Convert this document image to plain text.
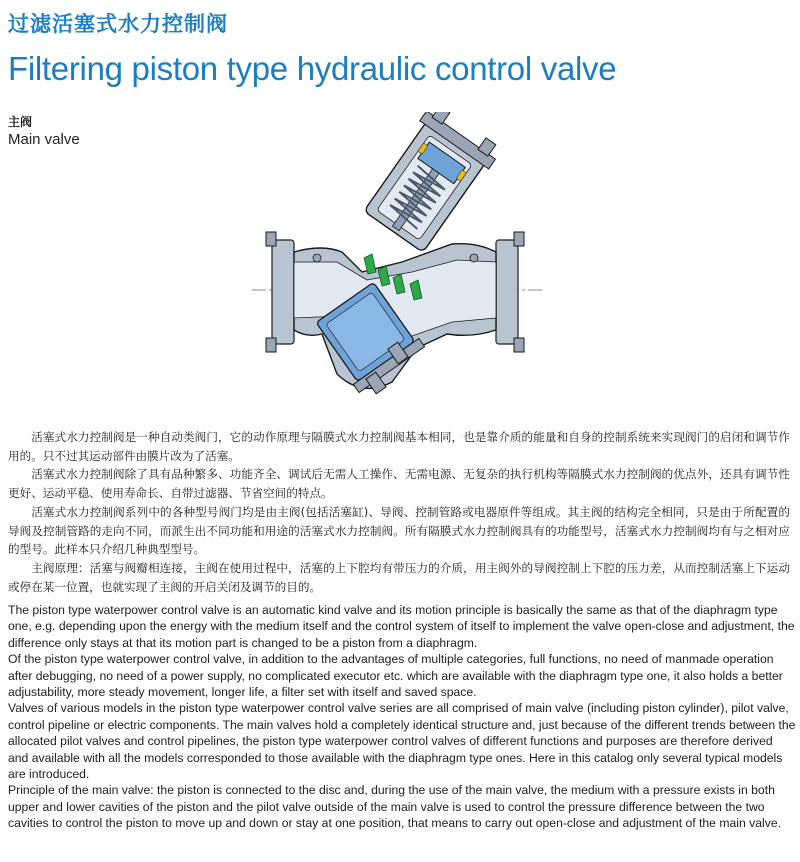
过滤活塞式水力控制阀
Filtering piston type hydraulic control valve
主阀
Main valve

活塞式水力控制阀是一种自动类阀门，它的动作原理与隔膜式水力控制阀基本相同，也是靠介质的能量和自身的控制系统来实现阀门的启闭和调节作用的。只不过其运动部件由膜片改为了活塞。

活塞式水力控制阀除了具有品种繁多、功能齐全、调试后无需人工操作、无需电源、无复杂的执行机构等隔膜式水力控制阀的优点外，还具有调节性更好、运动平稳、使用寿命长、自带过滤器、节省空间的特点。

活塞式水力控制阀系列中的各种型号阀门均是由主阀(包括活塞缸)、导阀、控制管路或电器原件等组成。其主阀的结构完全相同，只是由于所配置的导阀及控制管路的走向不同，而派生出不同功能和用途的活塞式水力控制阀。所有隔膜式水力控制阀具有的功能型号，活塞式水力控制阀均有与之相对应的型号。此样本只介绍几种典型型号。

主阀原理：活塞与阀瓣相连接，主阀在使用过程中，活塞的上下腔均有带压力的介质，用主阀外的导阀控制上下腔的压力差，从而控制活塞上下运动或停在某一位置，也就实现了主阀的开启关闭及调节的目的。

The piston type waterpower control valve is an automatic kind valve and its motion principle is basically the same as that of the diaphragm type one, e.g. depending upon the energy with the medium itself and the control system of itself to implement the valve open-close and adjustment, the difference only stays at that its motion part is changed to be a piston from a diaphragm.

Of the piston type waterpower control valve, in addition to the advantages of multiple categories, full functions, no need of manmade operation after debugging, no need of a power supply, no complicated executor etc. which are available with the diaphragm type one, it also holds a better adjustability, more steady movement, longer life, a filter set with itself and saved space.

Valves of various models in the piston type waterpower control valve series are all comprised of main valve (including piston cylinder), pilot valve, control pipeline or electric components. The main valves hold a completely identical structure and, just because of the different trends between the allocated pilot valves and control pipelines, the piston type waterpower control valves of different functions and purposes are therefore derived and available with all the models corresponded to those available with the diaphragm type ones. Here in this catalog only several typical models are introduced.

Principle of the main valve: the piston is connected to the disc and, during the use of the main valve, the medium with a pressure exists in both upper and lower cavities of the piston and the pilot valve outside of the main valve is used to control the pressure difference between the two cavities to control the piston to move up and down or stay at one position, that means to carry out open-close and adjustment of the main valve.
